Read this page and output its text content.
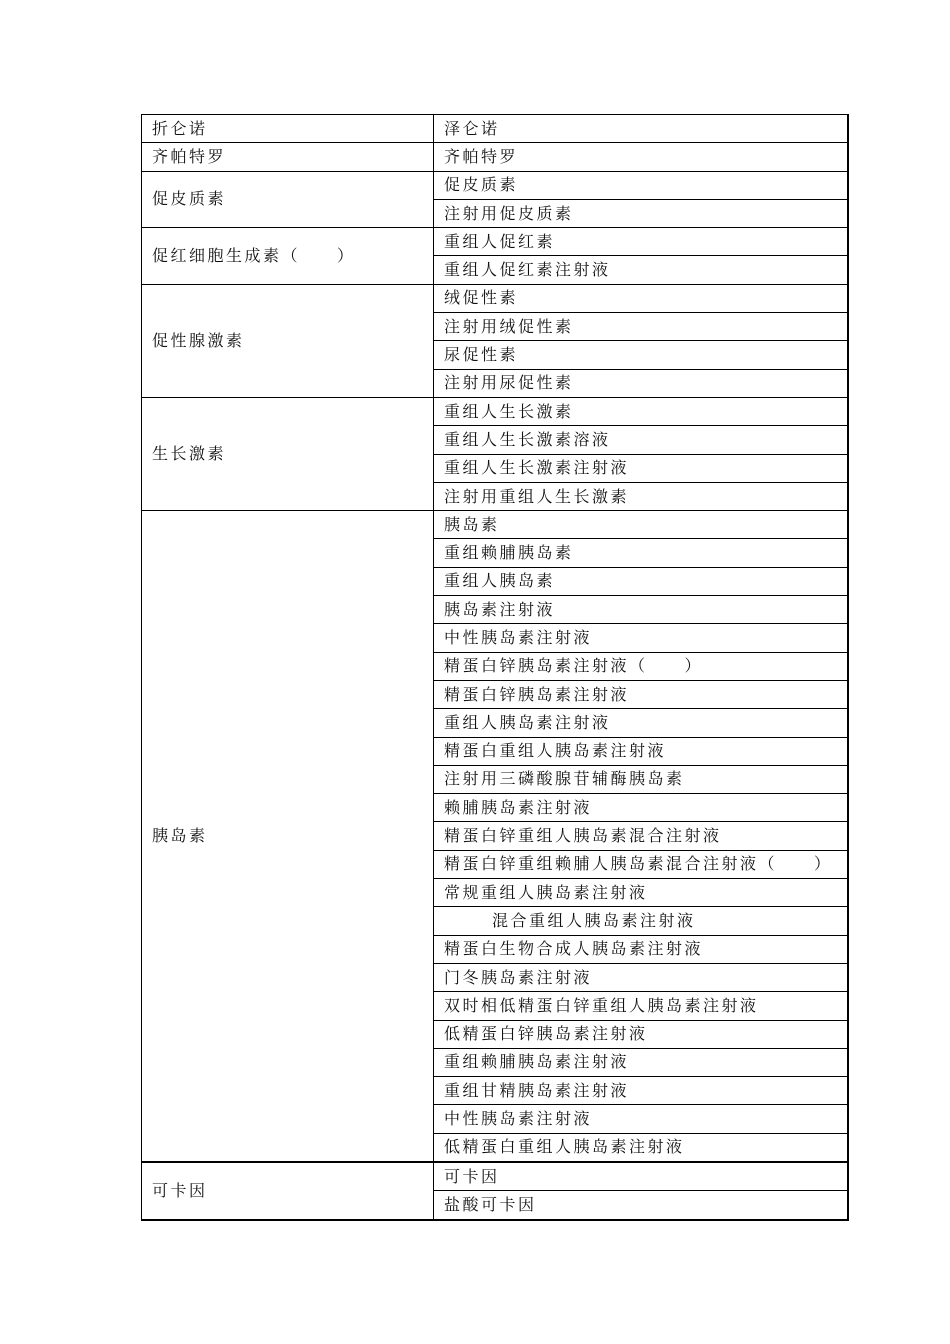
折仑诺	泽仑诺
齐帕特罗	齐帕特罗
促皮质素	促皮质素
	注射用促皮质素
促红细胞生成素（　　）	重组人促红素
	重组人促红素注射液
促性腺激素	绒促性素
	注射用绒促性素
	尿促性素
	注射用尿促性素
生长激素	重组人生长激素
	重组人生长激素溶液
	重组人生长激素注射液
	注射用重组人生长激素
胰岛素	胰岛素
	重组赖脯胰岛素
	重组人胰岛素
	胰岛素注射液
	中性胰岛素注射液
	精蛋白锌胰岛素注射液（　　）
	精蛋白锌胰岛素注射液
	重组人胰岛素注射液
	精蛋白重组人胰岛素注射液
	注射用三磷酸腺苷辅酶胰岛素
	赖脯胰岛素注射液
	精蛋白锌重组人胰岛素混合注射液
	精蛋白锌重组赖脯人胰岛素混合注射液（　　）
	常规重组人胰岛素注射液
	混合重组人胰岛素注射液
	精蛋白生物合成人胰岛素注射液
	门冬胰岛素注射液
	双时相低精蛋白锌重组人胰岛素注射液
	低精蛋白锌胰岛素注射液
	重组赖脯胰岛素注射液
	重组甘精胰岛素注射液
	中性胰岛素注射液
	低精蛋白重组人胰岛素注射液
可卡因	可卡因
	盐酸可卡因
